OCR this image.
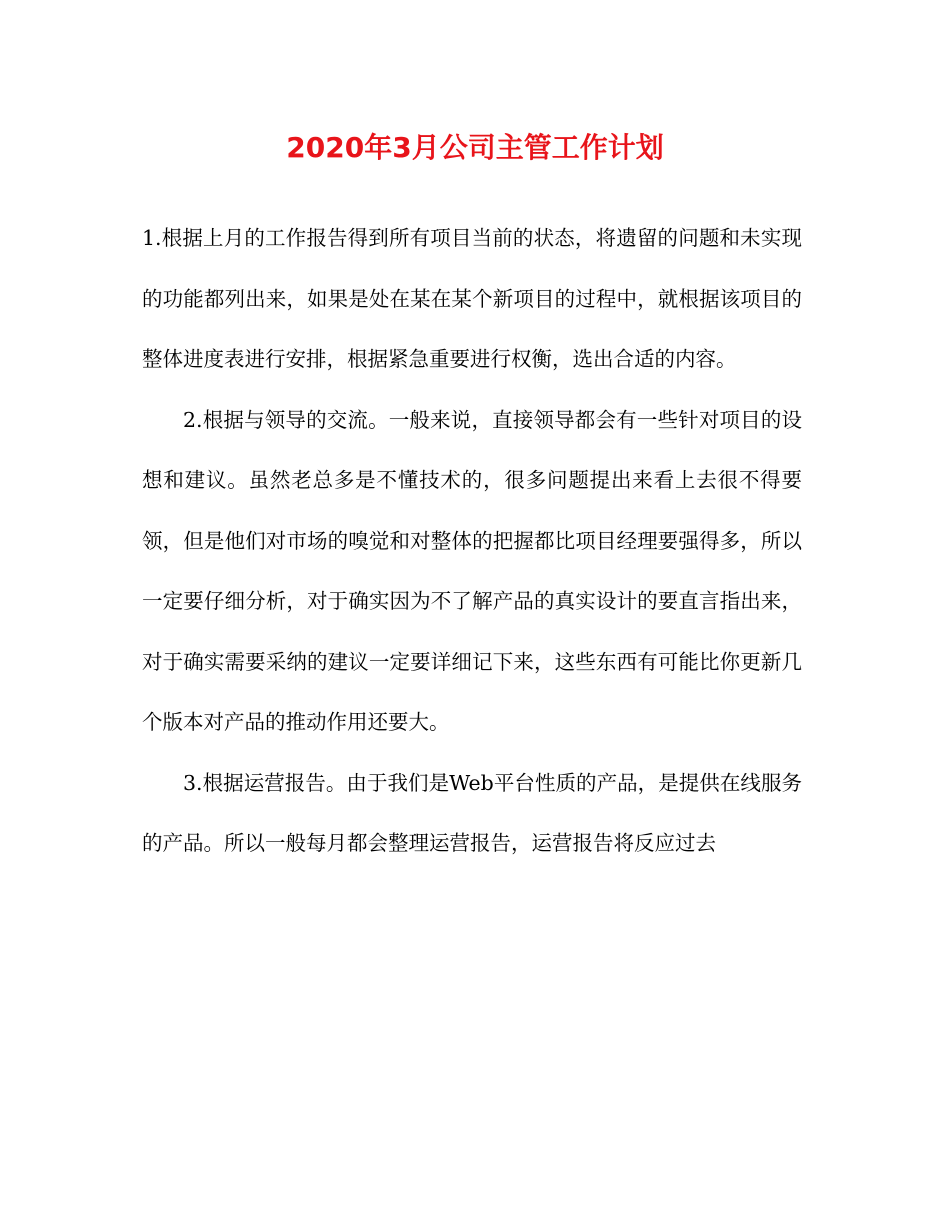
2020年3月公司主管工作计划

1.根据上月的工作报告得到所有项目当前的状态，将遗留的问题和未实现的功能都列出来，如果是处在某在某个新项目的过程中，就根据该项目的整体进度表进行安排，根据紧急重要进行权衡，选出合适的内容。

2.根据与领导的交流。一般来说，直接领导都会有一些针对项目的设想和建议。虽然老总多是不懂技术的，很多问题提出来看上去很不得要领，但是他们对市场的嗅觉和对整体的把握都比项目经理要强得多，所以一定要仔细分析，对于确实因为不了解产品的真实设计的要直言指出来，对于确实需要采纳的建议一定要详细记下来，这些东西有可能比你更新几个版本对产品的推动作用还要大。

3.根据运营报告。由于我们是Web平台性质的产品，是提供在线服务的产品。所以一般每月都会整理运营报告，运营报告将反应过去
